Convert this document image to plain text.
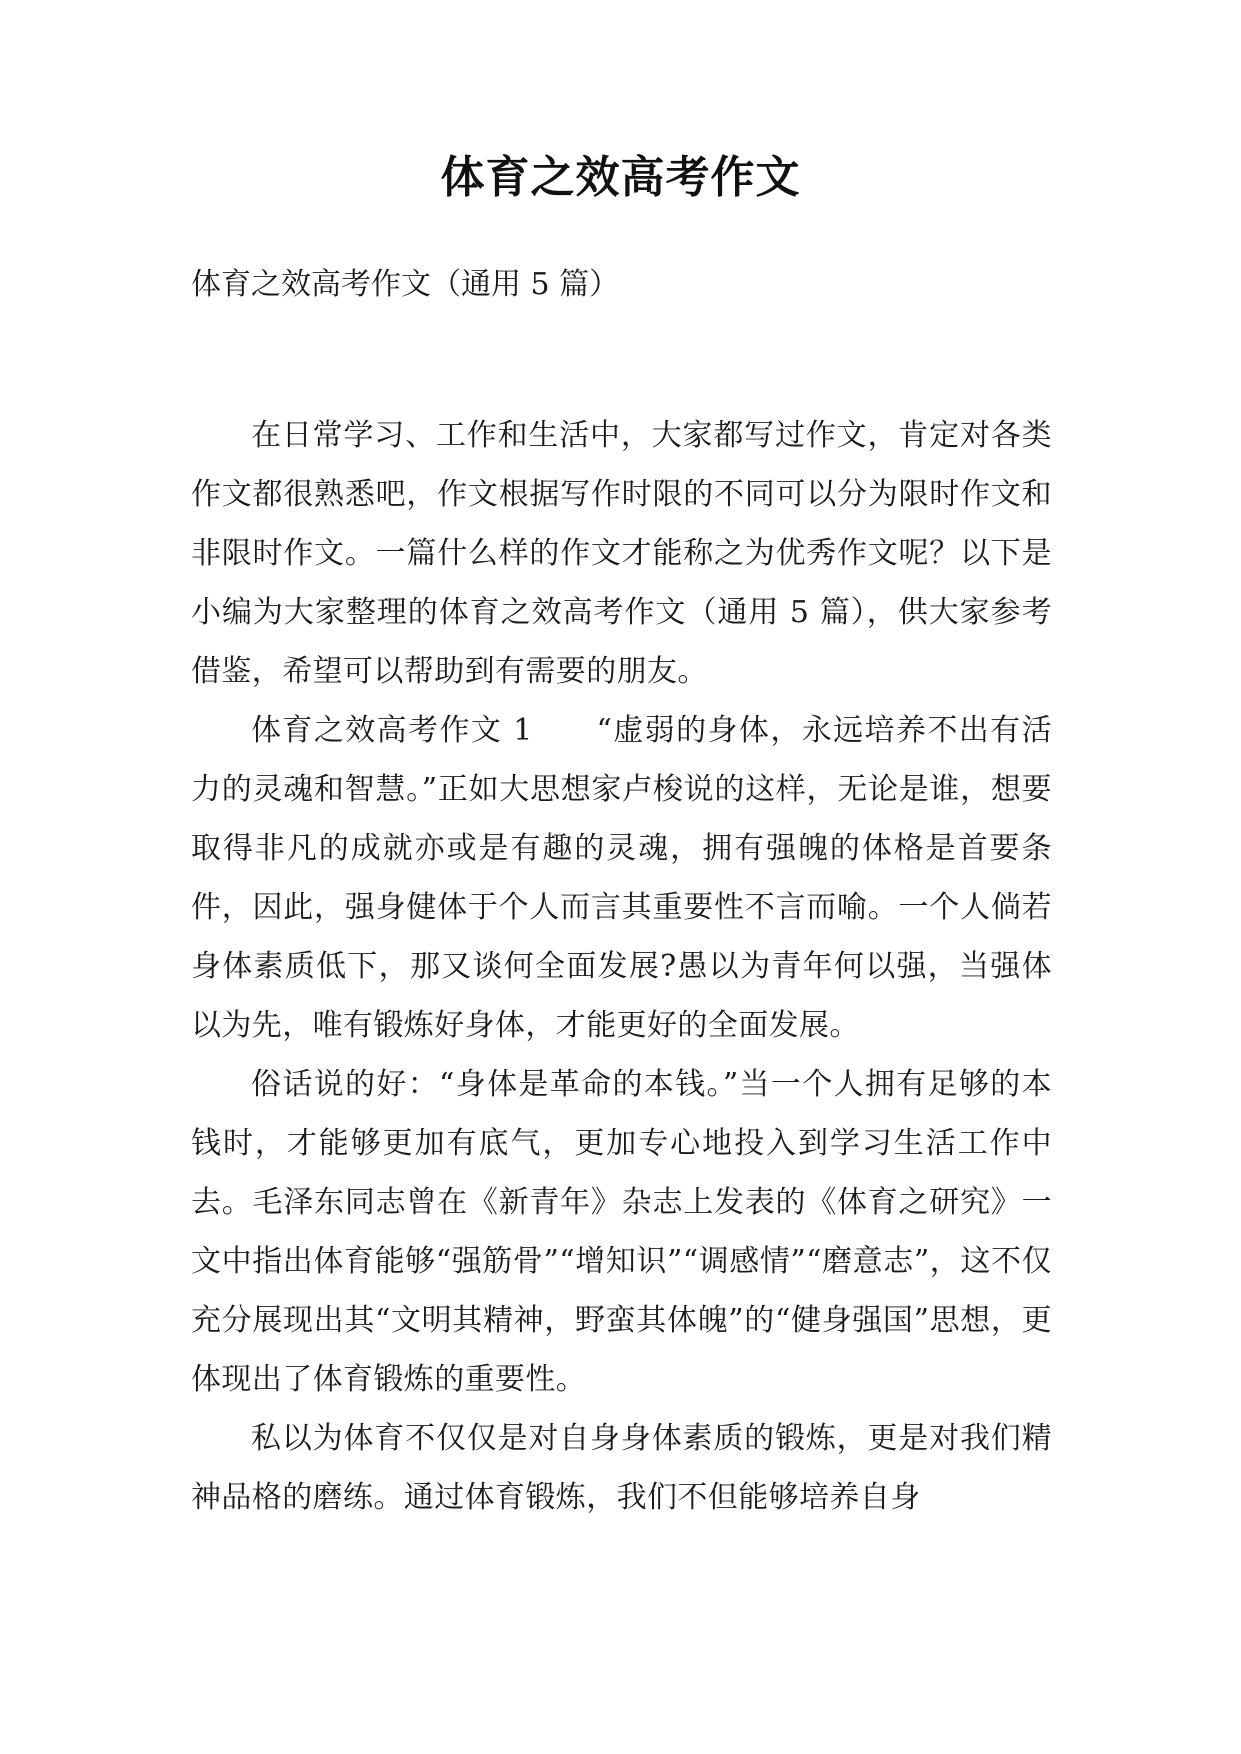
体育之效高考作文
体育之效高考作文（通用 5 篇）

在日常学习、工作和生活中，大家都写过作文，肯定对各类作文都很熟悉吧，作文根据写作时限的不同可以分为限时作文和非限时作文。一篇什么样的作文才能称之为优秀作文呢？以下是小编为大家整理的体育之效高考作文（通用 5 篇），供大家参考借鉴，希望可以帮助到有需要的朋友。

体育之效高考作文 1　　“虚弱的身体，永远培养不出有活力的灵魂和智慧。”正如大思想家卢梭说的这样，无论是谁，想要取得非凡的成就亦或是有趣的灵魂，拥有强魄的体格是首要条件，因此，强身健体于个人而言其重要性不言而喻。一个人倘若身体素质低下，那又谈何全面发展?愚以为青年何以强，当强体以为先，唯有锻炼好身体，才能更好的全面发展。

俗话说的好：“身体是革命的本钱。”当一个人拥有足够的本钱时，才能够更加有底气，更加专心地投入到学习生活工作中去。毛泽东同志曾在《新青年》杂志上发表的《体育之研究》一文中指出体育能够“强筋骨”“增知识”“调感情”“磨意志”，这不仅充分展现出其“文明其精神，野蛮其体魄”的“健身强国”思想，更体现出了体育锻炼的重要性。

私以为体育不仅仅是对自身身体素质的锻炼，更是对我们精神品格的磨练。通过体育锻炼，我们不但能够培养自身
